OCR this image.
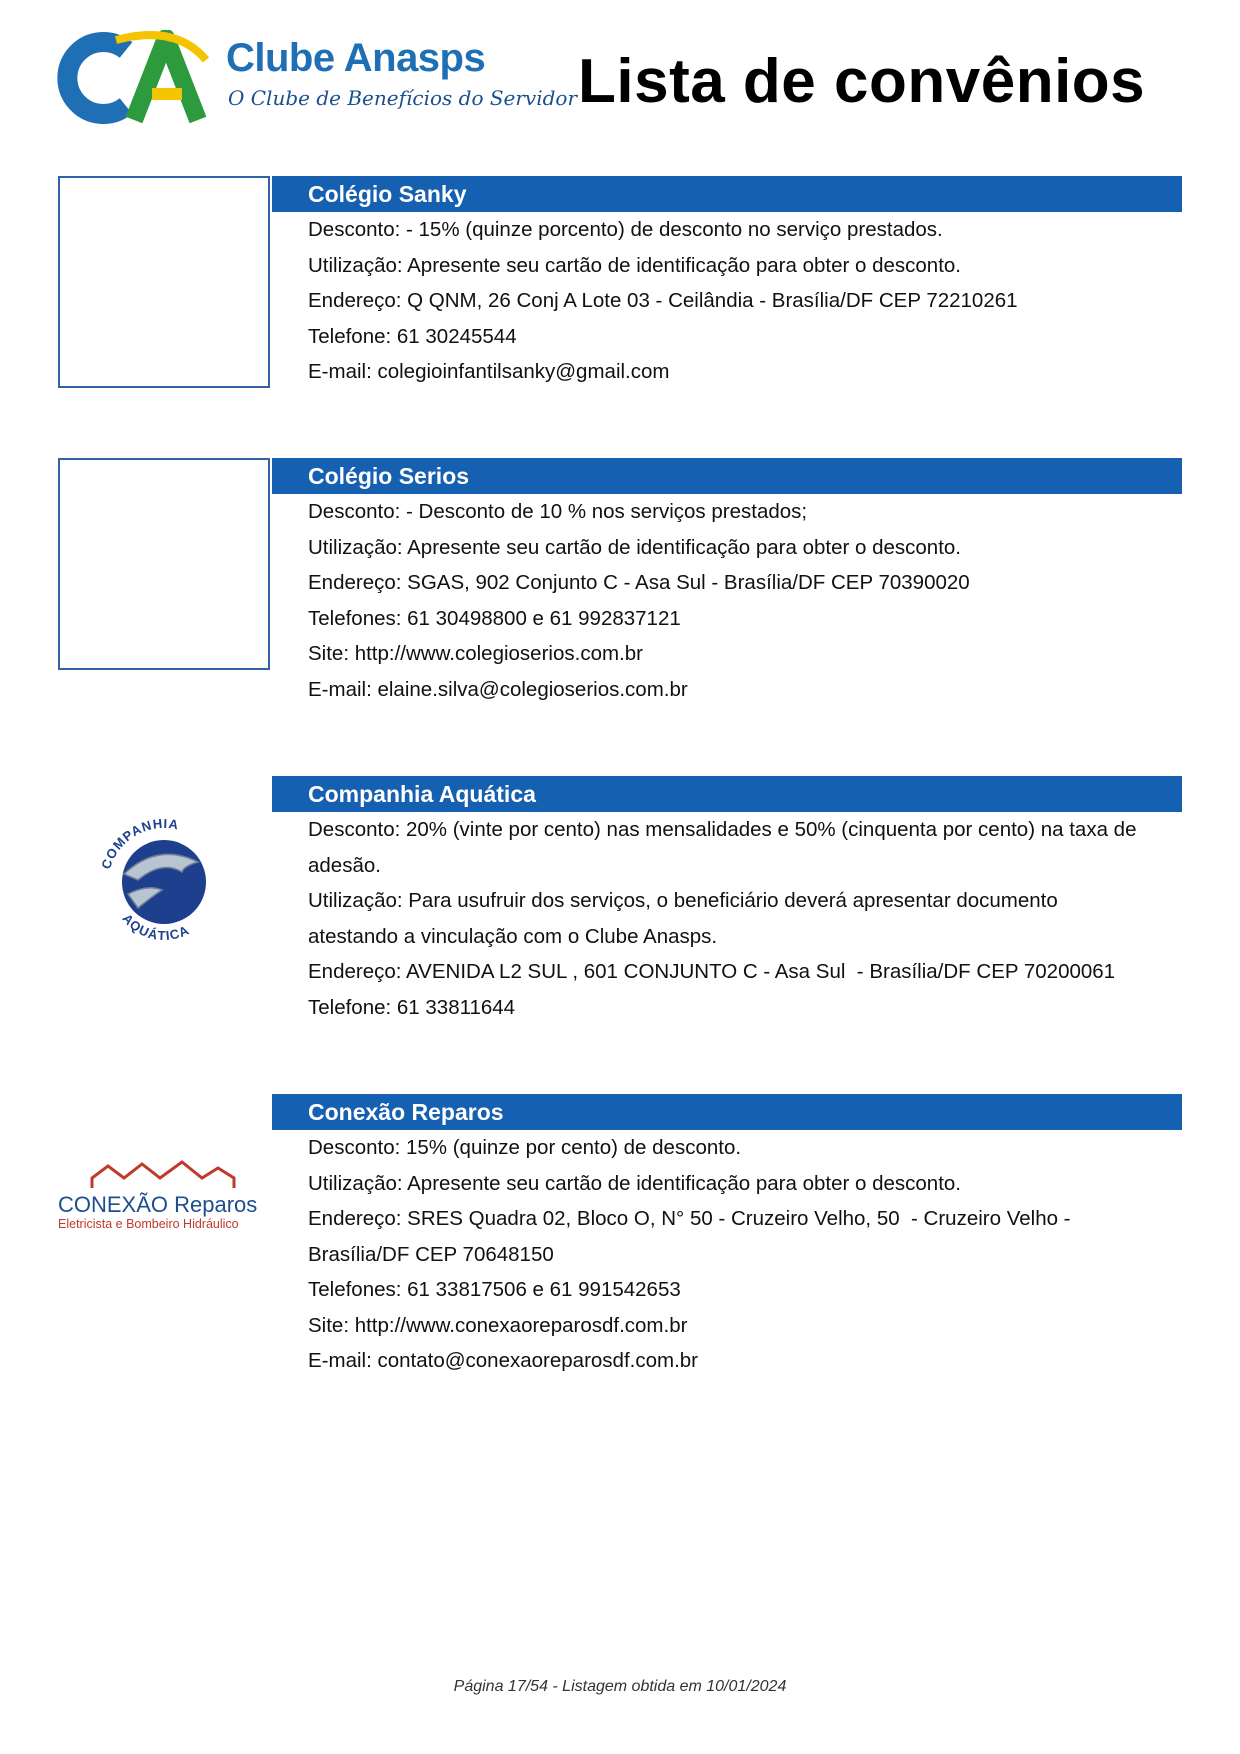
Clube Anasps
O Clube de Benefícios do Servidor Lista de convênios
Colégio Sanky
Desconto: - 15% (quinze porcento) de desconto no serviço prestados.
Utilização: Apresente seu cartão de identificação para obter o desconto.
Endereço: Q QNM, 26 Conj A Lote 03 - Ceilândia - Brasília/DF CEP 72210261
Telefone: 61 30245544
E-mail: colegioinfantilsanky@gmail.com
Colégio Serios
Desconto: - Desconto de 10 % nos serviços prestados;
Utilização: Apresente seu cartão de identificação para obter o desconto.
Endereço: SGAS, 902 Conjunto C - Asa Sul - Brasília/DF CEP 70390020
Telefones: 61 30498800 e 61 992837121
Site: http://www.colegioserios.com.br
E-mail: elaine.silva@colegioserios.com.br
COMPANHIA
AQUÁTICA
Companhia Aquática
Desconto: 20% (vinte por cento) nas mensalidades e 50% (cinquenta por cento) na taxa de
adesão.
Utilização: Para usufruir dos serviços, o beneficiário deverá apresentar documento
atestando a vinculação com o Clube Anasps.
Endereço: AVENIDA L2 SUL , 601 CONJUNTO C - Asa Sul  - Brasília/DF CEP 70200061
Telefone: 61 33811644
CONEXÃO Reparos
Eletricista e Bombeiro Hidráulico
Conexão Reparos
Desconto: 15% (quinze por cento) de desconto.
Utilização: Apresente seu cartão de identificação para obter o desconto.
Endereço: SRES Quadra 02, Bloco O, N° 50 - Cruzeiro Velho, 50  - Cruzeiro Velho -
Brasília/DF CEP 70648150
Telefones: 61 33817506 e 61 991542653
Site: http://www.conexaoreparosdf.com.br
E-mail: contato@conexaoreparosdf.com.br
Página 17/54 - Listagem obtida em 10/01/2024
